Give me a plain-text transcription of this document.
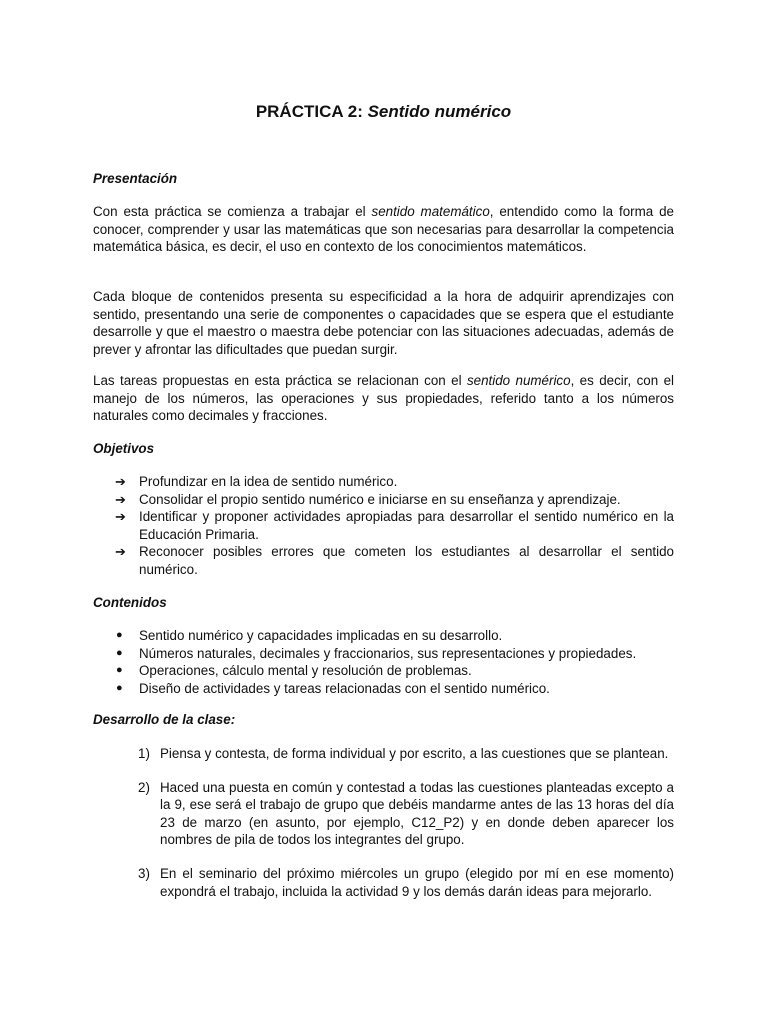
PRÁCTICA 2: Sentido numérico
Presentación

Con esta práctica se comienza a trabajar el sentido matemático, entendido como la forma de conocer, comprender y usar las matemáticas que son necesarias para desarrollar la competencia matemática básica, es decir, el uso en contexto de los conocimientos matemáticos.

Cada bloque de contenidos presenta su especificidad a la hora de adquirir aprendizajes con sentido, presentando una serie de componentes o capacidades que se espera que el estudiante desarrolle y que el maestro o maestra debe potenciar con las situaciones adecuadas, además de prever y afrontar las dificultades que puedan surgir.

Las tareas propuestas en esta práctica se relacionan con el sentido numérico, es decir, con el manejo de los números, las operaciones y sus propiedades, referido tanto a los números naturales como decimales y fracciones.

Objetivos
➔ Profundizar en la idea de sentido numérico.
➔ Consolidar el propio sentido numérico e iniciarse en su enseñanza y aprendizaje.
➔ Identificar y proponer actividades apropiadas para desarrollar el sentido numérico en la Educación Primaria.
➔ Reconocer posibles errores que cometen los estudiantes al desarrollar el sentido numérico.
Contenidos
● Sentido numérico y capacidades implicadas en su desarrollo.
● Números naturales, decimales y fraccionarios, sus representaciones y propiedades.
● Operaciones, cálculo mental y resolución de problemas.
● Diseño de actividades y tareas relacionadas con el sentido numérico.
Desarrollo de la clase:
1) Piensa y contesta, de forma individual y por escrito, a las cuestiones que se plantean.
2) Haced una puesta en común y contestad a todas las cuestiones planteadas excepto a la 9, ese será el trabajo de grupo que debéis mandarme antes de las 13 horas del día 23 de marzo (en asunto, por ejemplo, C12_P2) y en donde deben aparecer los nombres de pila de todos los integrantes del grupo.
3) En el seminario del próximo miércoles un grupo (elegido por mí en ese momento) expondrá el trabajo, incluida la actividad 9 y los demás darán ideas para mejorarlo.
